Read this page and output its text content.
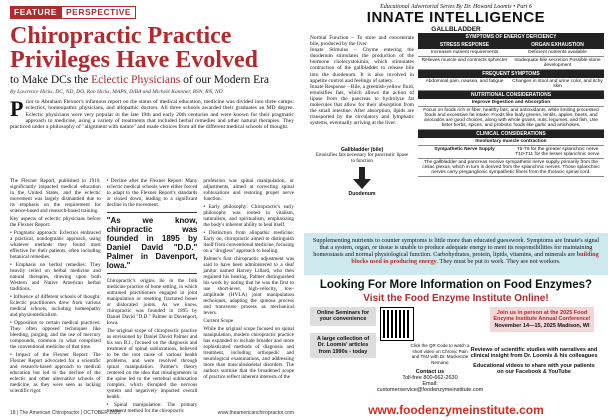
FEATURE	PERSPECTIVE
Chiropractic Practice
Privileges Have Evolved
to Make DCs the Eclectic Physicians of our Modern Era
By Lawrence Hicks, DC, ND, DO, Ron Hicks, MAPS, DiBA and Michele Kaminer, BSN, RN, ND
Prior to Abraham Flexner's infamous report on the status of medical education, medicine was divided into three camps: eclectics, homeopathic physicians, and allopathic doctors. All three schools awarded their graduates an MD degree. Eclectic physicians were very popular in the late 19th and early 20th centuries and were known for their pragmatic approach to medicine, using a variety of treatments that included herbal remedies and other natural therapies. They practiced under a philosophy of "alignment with nature" and made choices from all the different medical schools of thought.

The Flexner Report, published in 1910, significantly impacted medical education in the United States, and the eclectic movement was largely dismantled due to its emphasis on the requirement for science-based and research-based training.

Key aspects of eclectic physicians before the Flexner Report:

• Pragmatic approach: Eclectics embraced a practical, nondogmatic approach, using whatever methods they found most effective for their patients, often including botanical remedies.

• Emphasis on herbal remedies: They heavily relied on herbal medicine and natural therapies, drawing upon both Western and Native American herbal traditions.

• Influence of different schools of thought: Eclectic practitioners drew from various medical schools, including homeopathy and physiomedicalism.

• Opposition to certain medical practices: They often opposed techniques like bleeding, purging, and the use of mercury compounds, common in what comprised the conventional medicine of that time.

• Impact of the Flexner Report: The Flexner Report advocated for a scientific and research-based approach to medical education but led to the decline of the eclectic and other alternative schools of medicine, as they were seen as lacking scientific rigor.

• Decline after the Flexner Report: Many eclectic medical schools were either forced to adapt to the Flexner Report's standards or closed down, leading to a significant decline in the movement.

"As we know, chiropractic was founded in 1895 by Daniel David "D.D." Palmer in Davenport, Iowa."

Chiropractic's origins lie in the folk medicine practice of bone setting, in which untrained practitioners engaged in joint manipulation or resetting fractured bones or dislocated joints. As we know, chiropractic was founded in 1895 by Daniel David "D.D." Palmer in Davenport, Iowa.

The original scope of chiropractic practice as envisioned by Daniel David Palmer and his son B.J., focused on the diagnosis and treatment of spinal subluxations, believed to be the root cause of various health problems, and were resolved through spinal manipulation. Palmer's theory centered on the idea that misalignments in the spine led to the vertebral subluxation complex, which disrupted the nervous system and negatively impacted overall health.

• Spinal manipulation: The primary treatment method for the chiropractic

profession was spinal manipulation, or adjustments, aimed at correcting spinal subluxations and restoring proper nerve function.

• Early philosophy: Chiropractic's early philosophy was rooted in vitalism, naturalism, and spiritualism, emphasizing the body's inherent ability to heal itself.

• Distinction from allopathic medicine: Early on, chiropractic aimed to distinguish itself from conventional medicine, focusing on a "drugless" approach to healing.

Palmer's first chiropractic adjustment was said to have been administered to a deaf janitor named Harvey Lillard, who then regained his hearing. Palmer distinguished his work by noting that he was the first to use short-lever, high-velocity, low-amplitude (HVLA) joint manipulation techniques, adapting the spinous process and transverse process as mechanical levers.

Current Scope

While the original scope focused on spinal manipulation, modern chiropractic practice has expanded to include broader and more sophisticated methods of diagnosis and treatment, including orthopedic and neurological examinations, and addressing more than musculoskeletal disorders. The authors surmise that the broadened scope of practice reflect inherent interests of the

18 | The American Chiropractor | OCTOBER 2025	www.theamericanchiropractor.com
Educational Advertorial Series By Dr. Howard Loomis • Part 6
INNATE INTELLIGENCE
GALLBLADDER

Normal Function – To store and concentrate bile, produced by the liver.

Innate Stimulus – Chyme entering the duodenum stimulates the production of the hormone cholecystokinin, which stimulates contraction of the gallbladder to release bile into the duodenum. It is also involved in appetite control and feelings of satiety.

Innate Response – Bile, a greenish-yellow fluid, emulsifies fats, which allows the action of lipase from the pancreas to hydrolyze fat molecules that allow for their absorption from the small intestine. After absorption, lipids are transported by the circulatory and lymphatic systems, eventually arriving at the liver.

SYMPTOMS OF ENERGY DEFICIENCY
STRESS RESPONSE	ORGAN EXHAUSTION
Increases nutrient requirements	Deficient nutrients available
Relieves muscle and contracts sphincter	Inadequate bile secretion Possible stone development
FREQUENT SYMPTOMS
Abdominal pain, nausea, and fatigue	Changes in stool and urine color, and itchy skin
NUTRITIONAL CONSIDERATIONS
Improve Digestion and Absorption
Focus on foods rich in fiber, healthy fats, and antioxidants, while limiting processed foods and excessive fat intake. Foods like leafy greens, lentils, apples, beets, and avocados are good choices, along with whole grains, nuts, legumes, and fish. Use bitter herbs, spices, and probiotic foods like garlic and artichokes.
CLINICAL CONSIDERATIONS
Involuntary muscle contraction
Sympathetic Nerve Supply	T5-T9 for the greater splanchnic nerve T10-T11 for the lesser splanchnic nerve
The gallbladder and pancreas receive sympathetic nerve supply primarily from the celiac plexus, which in turn is derived from the splanchnic nerves. Those splanchnic nerves carry preganglionic sympathetic fibers from the thoracic spinal cord.
Gallbladder (bile)
Emulsifies fats necessary for pancreatic lipase to function
Duodenum
Supplementing nutrients to counter symptoms is little more than educated guesswork. Symptoms are Innate's signal that a system, organ, or tissue is unable to produce adequate energy to meet its responsibilities for maintaining homeostasis and normal physiological function. Carbohydrates, protein, lipids, vitamins, and minerals are building blocks used in producing energy. They must be put to work. They are not workers.
Looking For More Information on Food Enzymes?
Visit the Food Enzyme Institute Online!
Online Seminars for your convenience
A large collection of Dr. Loomis' articles from 1990s - today
Join us in person at the 2025 Food Enzyme Institute Annual Conference!
November 14—15, 2025 Madison, WI
Reviews of scientific studies with narratives and clinical insight from Dr. Loomis & his colleagues
Educational videos to share with your patients on our Facebook & YouTube
Contact us
Toll-free 800-662-2630
Email: customerservice@foodenzymeinstitute.com
Click the QR Code to watch a short video on Chronic Pain and TMJ with Dr. Mackenzie Nemanic
www.foodenzymeinstitute.com
